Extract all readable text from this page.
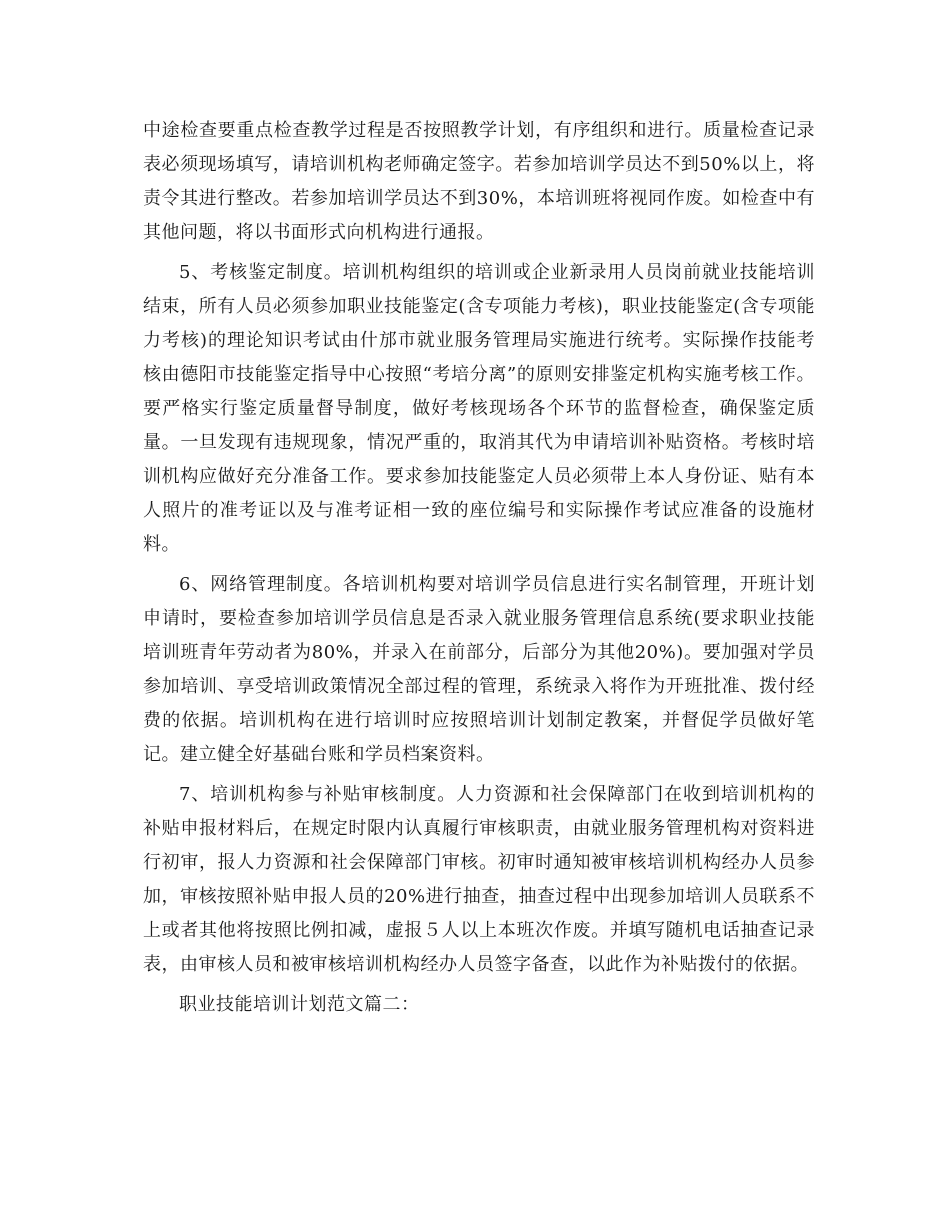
中途检查要重点检查教学过程是否按照教学计划，有序组织和进行。质量检查记录表必须现场填写，请培训机构老师确定签字。若参加培训学员达不到50%以上，将责令其进行整改。若参加培训学员达不到30%，本培训班将视同作废。如检查中有其他问题，将以书面形式向机构进行通报。

5、考核鉴定制度。培训机构组织的培训或企业新录用人员岗前就业技能培训结束，所有人员必须参加职业技能鉴定(含专项能力考核)，职业技能鉴定(含专项能力考核)的理论知识考试由什邡市就业服务管理局实施进行统考。实际操作技能考核由德阳市技能鉴定指导中心按照“考培分离”的原则安排鉴定机构实施考核工作。要严格实行鉴定质量督导制度，做好考核现场各个环节的监督检查，确保鉴定质量。一旦发现有违规现象，情况严重的，取消其代为申请培训补贴资格。考核时培训机构应做好充分准备工作。要求参加技能鉴定人员必须带上本人身份证、贴有本人照片的准考证以及与准考证相一致的座位编号和实际操作考试应准备的设施材料。

6、网络管理制度。各培训机构要对培训学员信息进行实名制管理，开班计划申请时，要检查参加培训学员信息是否录入就业服务管理信息系统(要求职业技能培训班青年劳动者为80%，并录入在前部分，后部分为其他20%)。要加强对学员参加培训、享受培训政策情况全部过程的管理，系统录入将作为开班批准、拨付经费的依据。培训机构在进行培训时应按照培训计划制定教案，并督促学员做好笔记。建立健全好基础台账和学员档案资料。

7、培训机构参与补贴审核制度。人力资源和社会保障部门在收到培训机构的补贴申报材料后，在规定时限内认真履行审核职责，由就业服务管理机构对资料进行初审，报人力资源和社会保障部门审核。初审时通知被审核培训机构经办人员参加，审核按照补贴申报人员的20%进行抽查，抽查过程中出现参加培训人员联系不上或者其他将按照比例扣减，虚报５人以上本班次作废。并填写随机电话抽查记录表，由审核人员和被审核培训机构经办人员签字备查，以此作为补贴拨付的依据。

职业技能培训计划范文篇二：
